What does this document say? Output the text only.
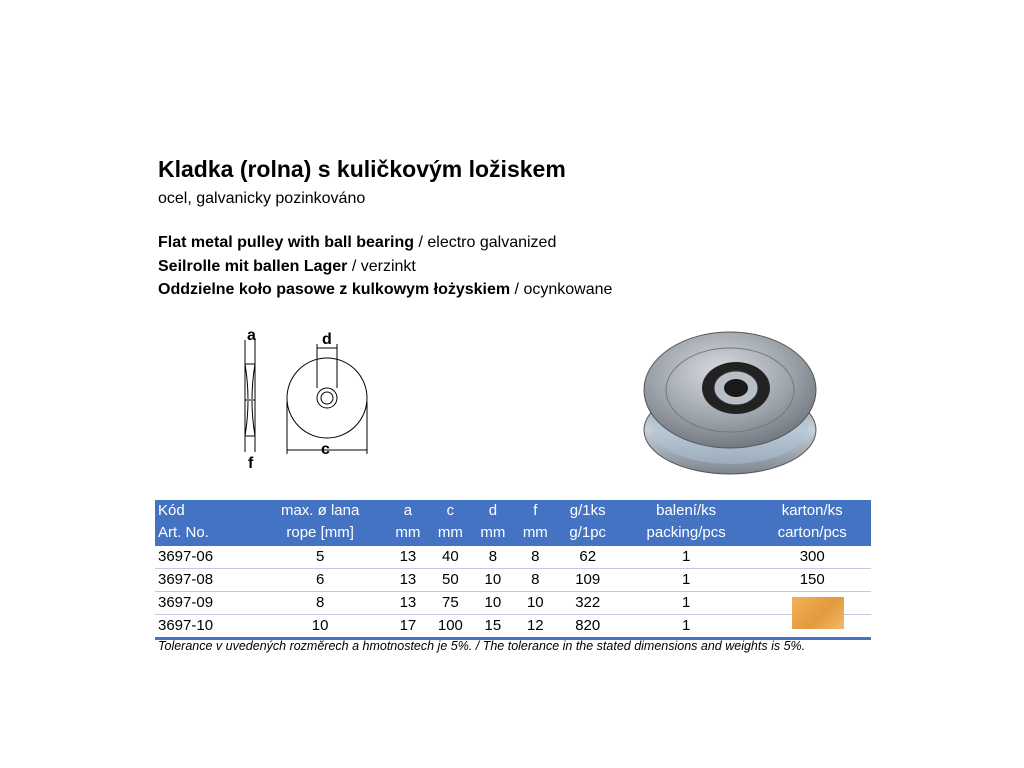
Kladka (rolna) s kuličkovým ložiskem
ocel, galvanicky pozinkováno
Flat metal pulley with ball bearing / electro galvanized
Seilrolle mit ballen Lager / verzinkt
Oddzielne koło pasowe z kulkowym łożyskiem / ocynkowane
a	d
c
f
Kód	max. ø lana	a	c	d	f	g/1ks	balení/ks	karton/ks
Art. No.	rope [mm]	mm	mm	mm	mm	g/1pc	packing/pcs	carton/pcs
3697-06	5	13	40	8	8	62	1	300
3697-08	6	13	50	10	8	109	1	150
3697-09	8	13	75	10	10	322	1	
3697-10	10	17	100	15	12	820	1	
Tolerance v uvedených rozměrech a hmotnostech je 5%. / The tolerance in the stated dimensions and weights is 5%.
